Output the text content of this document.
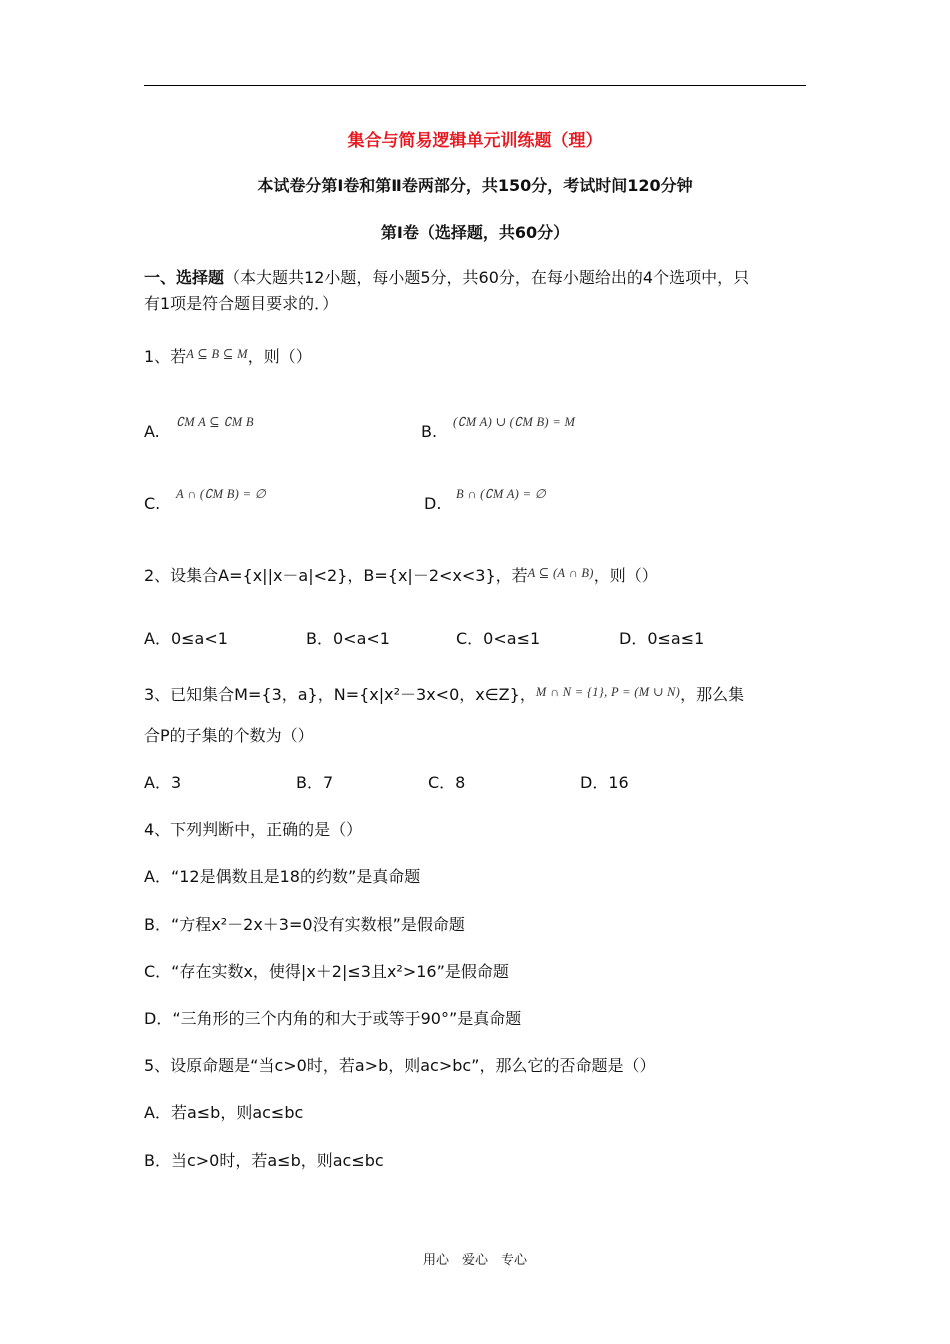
集合与简易逻辑单元训练题（理）
本试卷分第Ⅰ卷和第Ⅱ卷两部分，共150分，考试时间120分钟
第Ⅰ卷（选择题，共60分）
一、选择题（本大题共12小题，每小题5分，共60分，在每小题给出的4个选项中，只
有1项是符合题目要求的．）
1、若$^{A ⊆ B ⊆ M}$，则（）
A. ∁M A ⊆ ∁M B	B. (∁M A) ∪ (∁M B) = M
C. A ∩ (∁M B) = ∅	D. B ∩ (∁M A) = ∅
2、设集合A={x||x－a|<2}，B={x|－2<x<3}，若$^{A ⊆ (A \cap B)}$，则（）
A．0≤a<1	B．0<a<1	C．0<a≤1	D．0≤a≤1
3、已知集合M={3，a}，N={x|x²－3x<0，x∈Z}，$^{M \cap N = \{1\}, P = (M \cup N)}$，那么集
合P的子集的个数为（）
A．3	B．7	C．8	D．16
4、下列判断中，正确的是（）
A．“12是偶数且是18的约数”是真命题
B．“方程x²－2x＋3=0没有实数根”是假命题
C．“存在实数x，使得|x＋2|≤3且x²>16”是假命题
D．“三角形的三个内角的和大于或等于90°”是真命题
5、设原命题是“当c>0时，若a>b，则ac>bc”，那么它的否命题是（）
A．若a≤b，则ac≤bc
B．当c>0时，若a≤b，则ac≤bc
用心　爱心　专心
